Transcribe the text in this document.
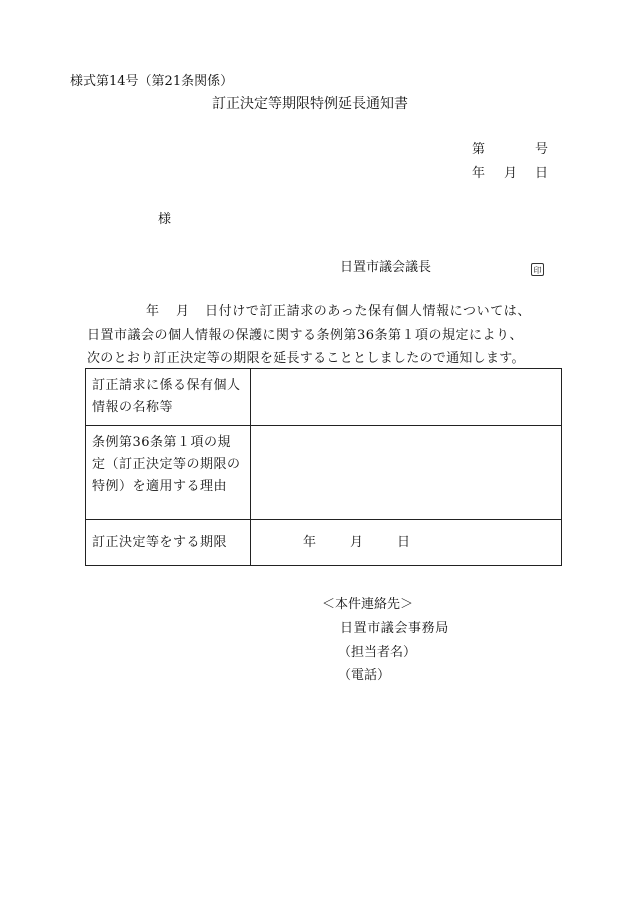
様式第14号（第21条関係）
訂正決定等期限特例延長通知書
第	号
年 月 日
様
日置市議会議長	印
年 月 日付けで訂正請求のあった保有個人情報については、
日置市議会の個人情報の保護に関する条例第36条第１項の規定により、
次のとおり訂正決定等の期限を延長することとしましたので通知します。
訂正請求に係る保有個人情報の名称等	
条例第36条第１項の規定（訂正決定等の期限の特例）を適用する理由	
訂正決定等をする期限	年 月 日
＜本件連絡先＞
日置市議会事務局
（担当者名）
（電話）
